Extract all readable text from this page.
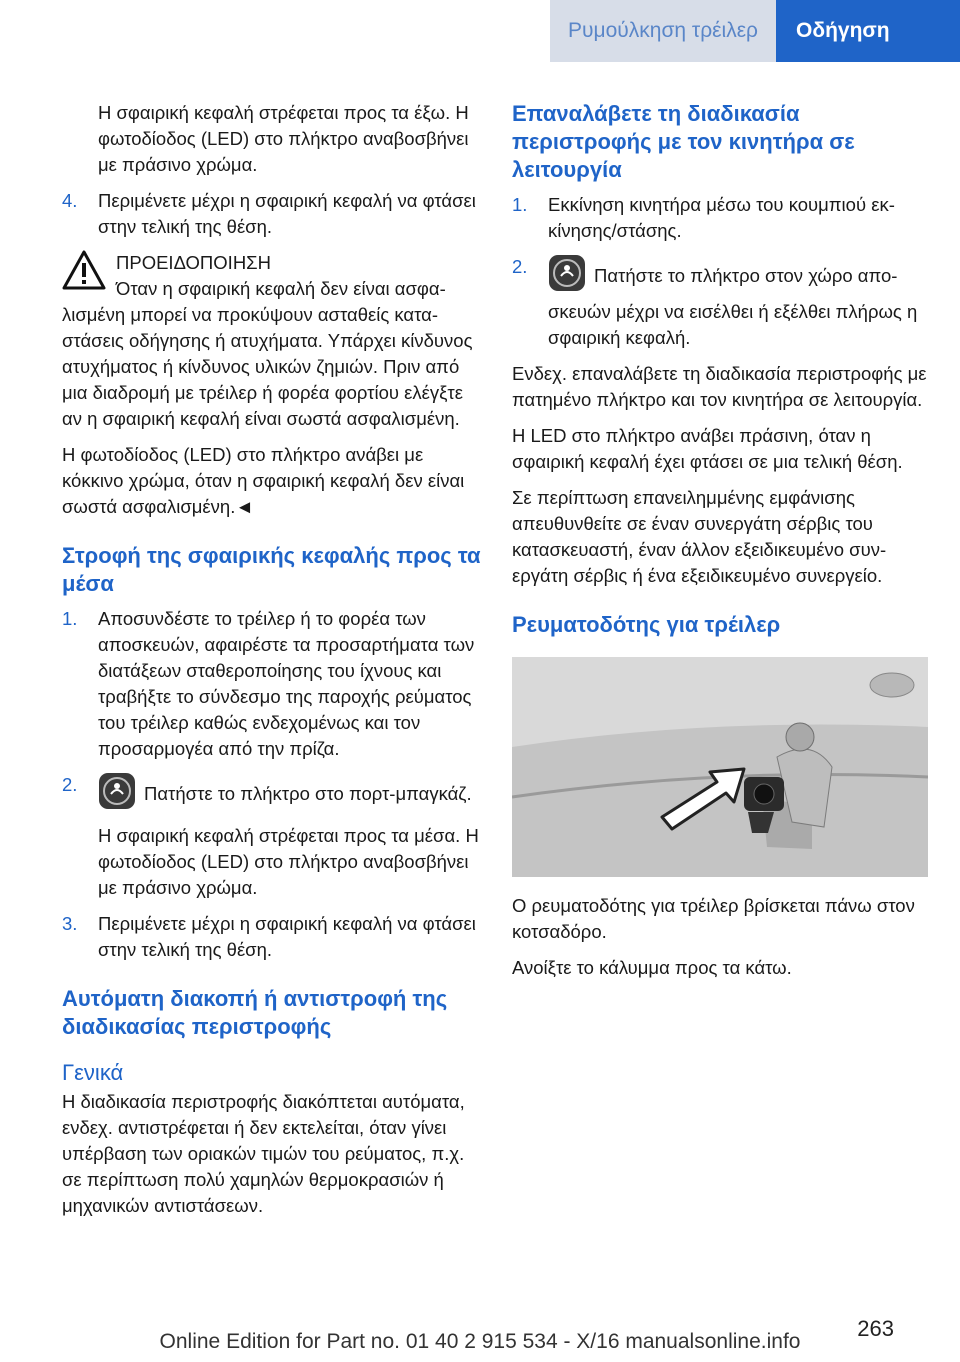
Ρυμούλκηση τρέιλερ	Οδήγηση

Η σφαιρική κεφαλή στρέφεται προς τα έξω. Η φωτοδίοδος (LED) στο πλήκτρο αναβοσβήνει με πράσινο χρώμα.

4.	Περιμένετε μέχρι η σφαιρική κεφαλή να φτάσει στην τελική της θέση.

ΠΡΟΕΙΔΟΠΟΙΗΣΗ

Όταν η σφαιρική κεφαλή δεν είναι ασφα-

λισμένη μπορεί να προκύψουν ασταθείς καταστάσεις οδήγησης ή ατυχήματα. Υπάρχει κίνδυνος ατυχήματος ή κίνδυνος υλικών ζημιών. Πριν από μια διαδρομή με τρέιλερ ή φορέα φορτίου ελέγξτε αν η σφαιρική κεφαλή είναι σωστά ασφαλισμένη.

Η φωτοδίοδος (LED) στο πλήκτρο ανάβει με κόκκινο χρώμα, όταν η σφαιρική κεφαλή δεν είναι σωστά ασφαλισμένη.◄

Στροφή της σφαιρικής κεφαλής προς τα μέσα
1.	Αποσυνδέστε το τρέιλερ ή το φορέα των αποσκευών, αφαιρέστε τα προσαρτήματα των διατάξεων σταθεροποίησης του ίχνους και τραβήξτε το σύνδεσμο της παροχής ρεύματος του τρέιλερ καθώς ενδεχομένως και τον προσαρμογέα από την πρίζα.
2.	Πατήστε το πλήκτρο στο πορτ-μπαγκάζ.

Η σφαιρική κεφαλή στρέφεται προς τα μέσα. Η φωτοδίοδος (LED) στο πλήκτρο αναβοσβήνει με πράσινο χρώμα.

3.	Περιμένετε μέχρι η σφαιρική κεφαλή να φτάσει στην τελική της θέση.
Αυτόματη διακοπή ή αντιστροφή της διαδικασίας περιστροφής
Γενικά

Η διαδικασία περιστροφής διακόπτεται αυτόματα, ενδεχ. αντιστρέφεται ή δεν εκτελείται, όταν γίνει υπέρβαση των οριακών τιμών του ρεύματος, π.χ. σε περίπτωση πολύ χαμηλών θερμοκρασιών ή μηχανικών αντιστάσεων.

Επαναλάβετε τη διαδικασία περιστροφής με τον κινητήρα σε λειτουργία
1.	Εκκίνηση κινητήρα μέσω του κουμπιού εκκίνησης/στάσης.
2.	Πατήστε το πλήκτρο στον χώρο αποσκευών μέχρι να εισέλθει ή εξέλθει πλήρως η σφαιρική κεφαλή.

Ενδεχ. επαναλάβετε τη διαδικασία περιστροφής με πατημένο πλήκτρο και τον κινητήρα σε λειτουργία.

Η LED στο πλήκτρο ανάβει πράσινη, όταν η σφαιρική κεφαλή έχει φτάσει σε μια τελική θέση.

Σε περίπτωση επανειλημμένης εμφάνισης απευθυνθείτε σε έναν συνεργάτη σέρβις του κατασκευαστή, έναν άλλον εξειδικευμένο συνεργάτη σέρβις ή ένα εξειδικευμένο συνεργείο.

Ρευματοδότης για τρέιλερ

Ο ρευματοδότης για τρέιλερ βρίσκεται πάνω στον κοτσαδόρο.

Ανοίξτε το κάλυμμα προς τα κάτω.

263
Online Edition for Part no. 01 40 2 915 534 - X/16 manualsonline.info
